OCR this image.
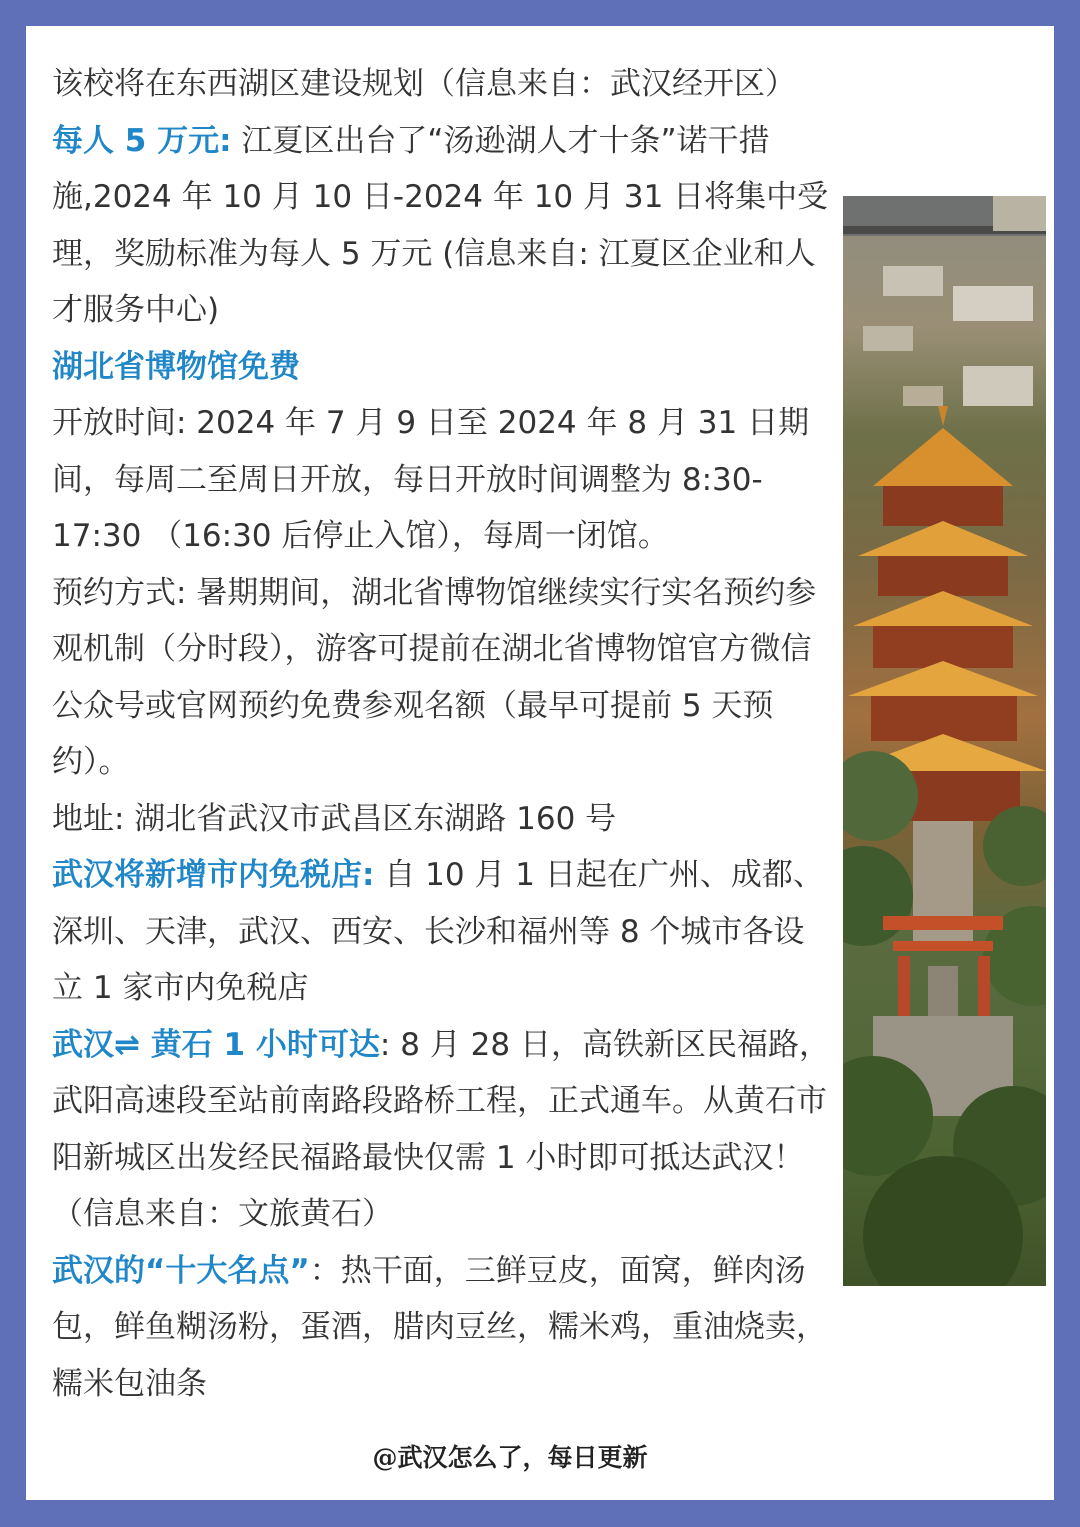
该校将在东西湖区建设规划（信息来自：武汉经开区）

每人 5 万元: 江夏区出台了“汤逊湖人才十条”诺干措施,2024 年 10 月 10 日-2024 年 10 月 31 日将集中受理，奖励标准为每人 5 万元 (信息来自: 江夏区企业和人才服务中心)

湖北省博物馆免费

开放时间: 2024 年 7 月 9 日至 2024 年 8 月 31 日期间，每周二至周日开放，每日开放时间调整为 8:30-17:30 （16:30 后停止入馆），每周一闭馆。

预约方式: 暑期期间，湖北省博物馆继续实行实名预约参观机制（分时段），游客可提前在湖北省博物馆官方微信公众号或官网预约免费参观名额（最早可提前 5 天预约）。

地址: 湖北省武汉市武昌区东湖路 160 号

武汉将新增市内免税店: 自 10 月 1 日起在广州、成都、深圳、天津，武汉、西安、长沙和福州等 8 个城市各设立 1 家市内免税店

武汉⇌ 黄石 1 小时可达: 8 月 28 日，高铁新区民福路，武阳高速段至站前南路段路桥工程，正式通车。从黄石市阳新城区出发经民福路最快仅需 1 小时即可抵达武汉！（信息来自：文旅黄石）

武汉的“十大名点”：热干面，三鲜豆皮，面窝，鲜肉汤包，鲜鱼糊汤粉，蛋酒，腊肉豆丝，糯米鸡，重油烧卖，糯米包油条

@武汉怎么了，每日更新
